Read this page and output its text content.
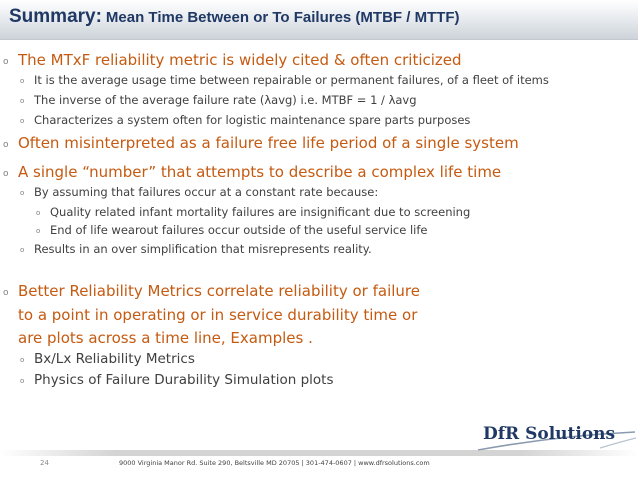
Summary: Mean Time Between or To Failures (MTBF / MTTF)
o The MTxF reliability metric is widely cited & often criticized
o It is the average usage time between repairable or permanent failures, of a fleet of items
o The inverse of the average failure rate (λavg) i.e. MTBF = 1 / λavg
o Characterizes a system often for logistic maintenance spare parts purposes
o Often misinterpreted as a failure free life period of a single system
o A single “number” that attempts to describe a complex life time
o By assuming that failures occur at a constant rate because:
o Quality related infant mortality failures are insignificant due to screening
o End of life wearout failures occur outside of the useful service life
o Results in an over simplification that misrepresents reality.
o Better Reliability Metrics correlate reliability or failure
to a point in operating or in service durability time or
are plots across a time line, Examples .
o Bx/Lx Reliability Metrics
o Physics of Failure Durability Simulation plots
DfR Solutions
24	9000 Virginia Manor Rd. Suite 290, Beltsville MD 20705 | 301-474-0607 | www.dfrsolutions.com
